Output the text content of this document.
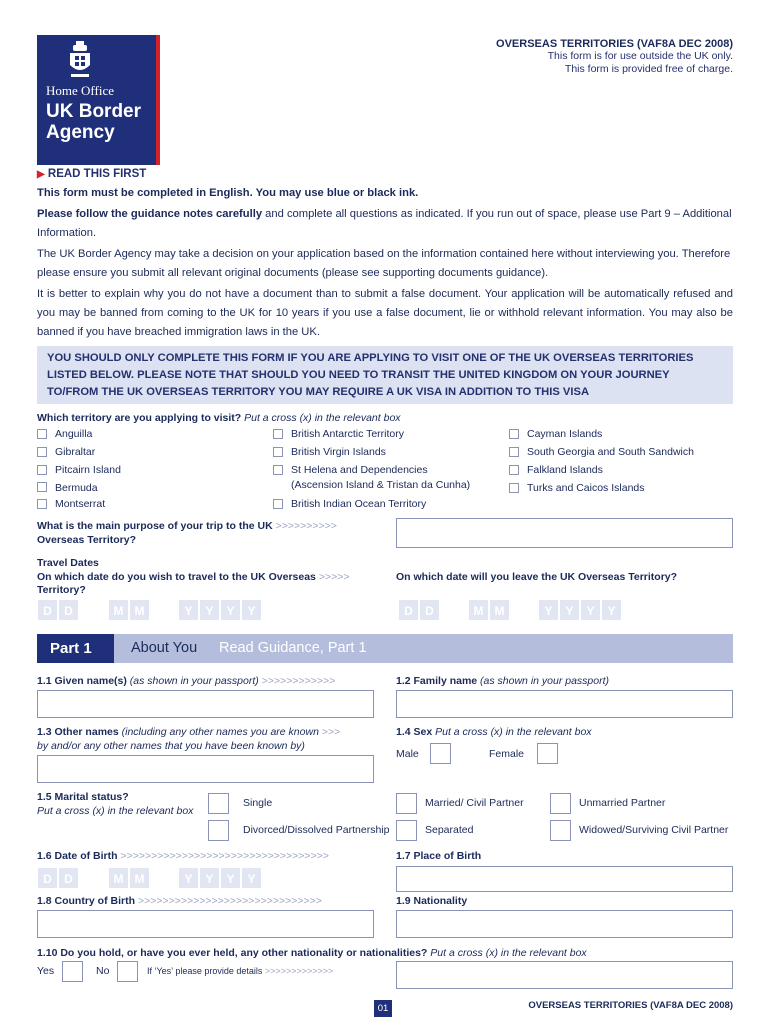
Home Office
UK Border
Agency
OVERSEAS TERRITORIES (VAF8A DEC 2008)
This form is for use outside the UK only.
This form is provided free of charge.
▶ READ THIS FIRST
This form must be completed in English. You may use blue or black ink.
Please follow the guidance notes carefully and complete all questions as indicated. If you run out of space, please use Part 9 – Additional Information.
The UK Border Agency may take a decision on your application based on the information contained here without interviewing you. Therefore please ensure you submit all relevant original documents (please see supporting documents guidance).
It is better to explain why you do not have a document than to submit a false document. Your application will be automatically refused and you may be banned from coming to the UK for 10 years if you use a false document, lie or withhold relevant information. You may also be banned if you have breached immigration laws in the UK.
YOU SHOULD ONLY COMPLETE THIS FORM IF YOU ARE APPLYING TO VISIT ONE OF THE UK OVERSEAS TERRITORIES LISTED BELOW. PLEASE NOTE THAT SHOULD YOU NEED TO TRANSIT THE UNITED KINGDOM ON YOUR JOURNEY TO/FROM THE UK OVERSEAS TERRITORY YOU MAY REQUIRE A UK VISA IN ADDITION TO THIS VISA
Which territory are you applying to visit? Put a cross (x) in the relevant box
Anguilla
Gibraltar
Pitcairn Island
Bermuda
Montserrat
British Antarctic Territory
British Virgin Islands
St Helena and Dependencies
(Ascension Island & Tristan da Cunha)
British Indian Ocean Territory
Cayman Islands
South Georgia and South Sandwich
Falkland Islands
Turks and Caicos Islands
What is the main purpose of your trip to the UK >>>>>>>>>>
Overseas Territory?
Travel Dates
On which date do you wish to travel to the UK Overseas >>>>>
Territory?
On which date will you leave the UK Overseas Territory?
D	D	M M	Y	Y	Y	Y	D	D	M M	Y	Y	Y	Y
Part 1	About You Read Guidance, Part 1
1.1 Given name(s) (as shown in your passport) >>>>>>>>>>>>	1.2 Family name (as shown in your passport)
1.3 Other names (including any other names you are known >>>
by and/or any other names that you have been known by)
1.4 Sex Put a cross (x) in the relevant box
Male	Female
1.5 Marital status?
Put a cross (x) in the relevant box
Single	Married/ Civil Partner	Unmarried Partner
Divorced/Dissolved Partnership	Separated	Widowed/Surviving Civil Partner
1.6 Date of Birth >>>>>>>>>>>>>>>>>>>>>>>>>>>>>>>>>>
D	D	M M	Y	Y	Y	Y
1.7 Place of Birth
1.8 Country of Birth >>>>>>>>>>>>>>>>>>>>>>>>>>>>>>	1.9 Nationality
1.10 Do you hold, or have you ever held, any other nationality or nationalities? Put a cross (x) in the relevant box
Yes	No	If ‘Yes’ please provide details >>>>>>>>>>>>>
01	OVERSEAS TERRITORIES (VAF8A DEC 2008)
